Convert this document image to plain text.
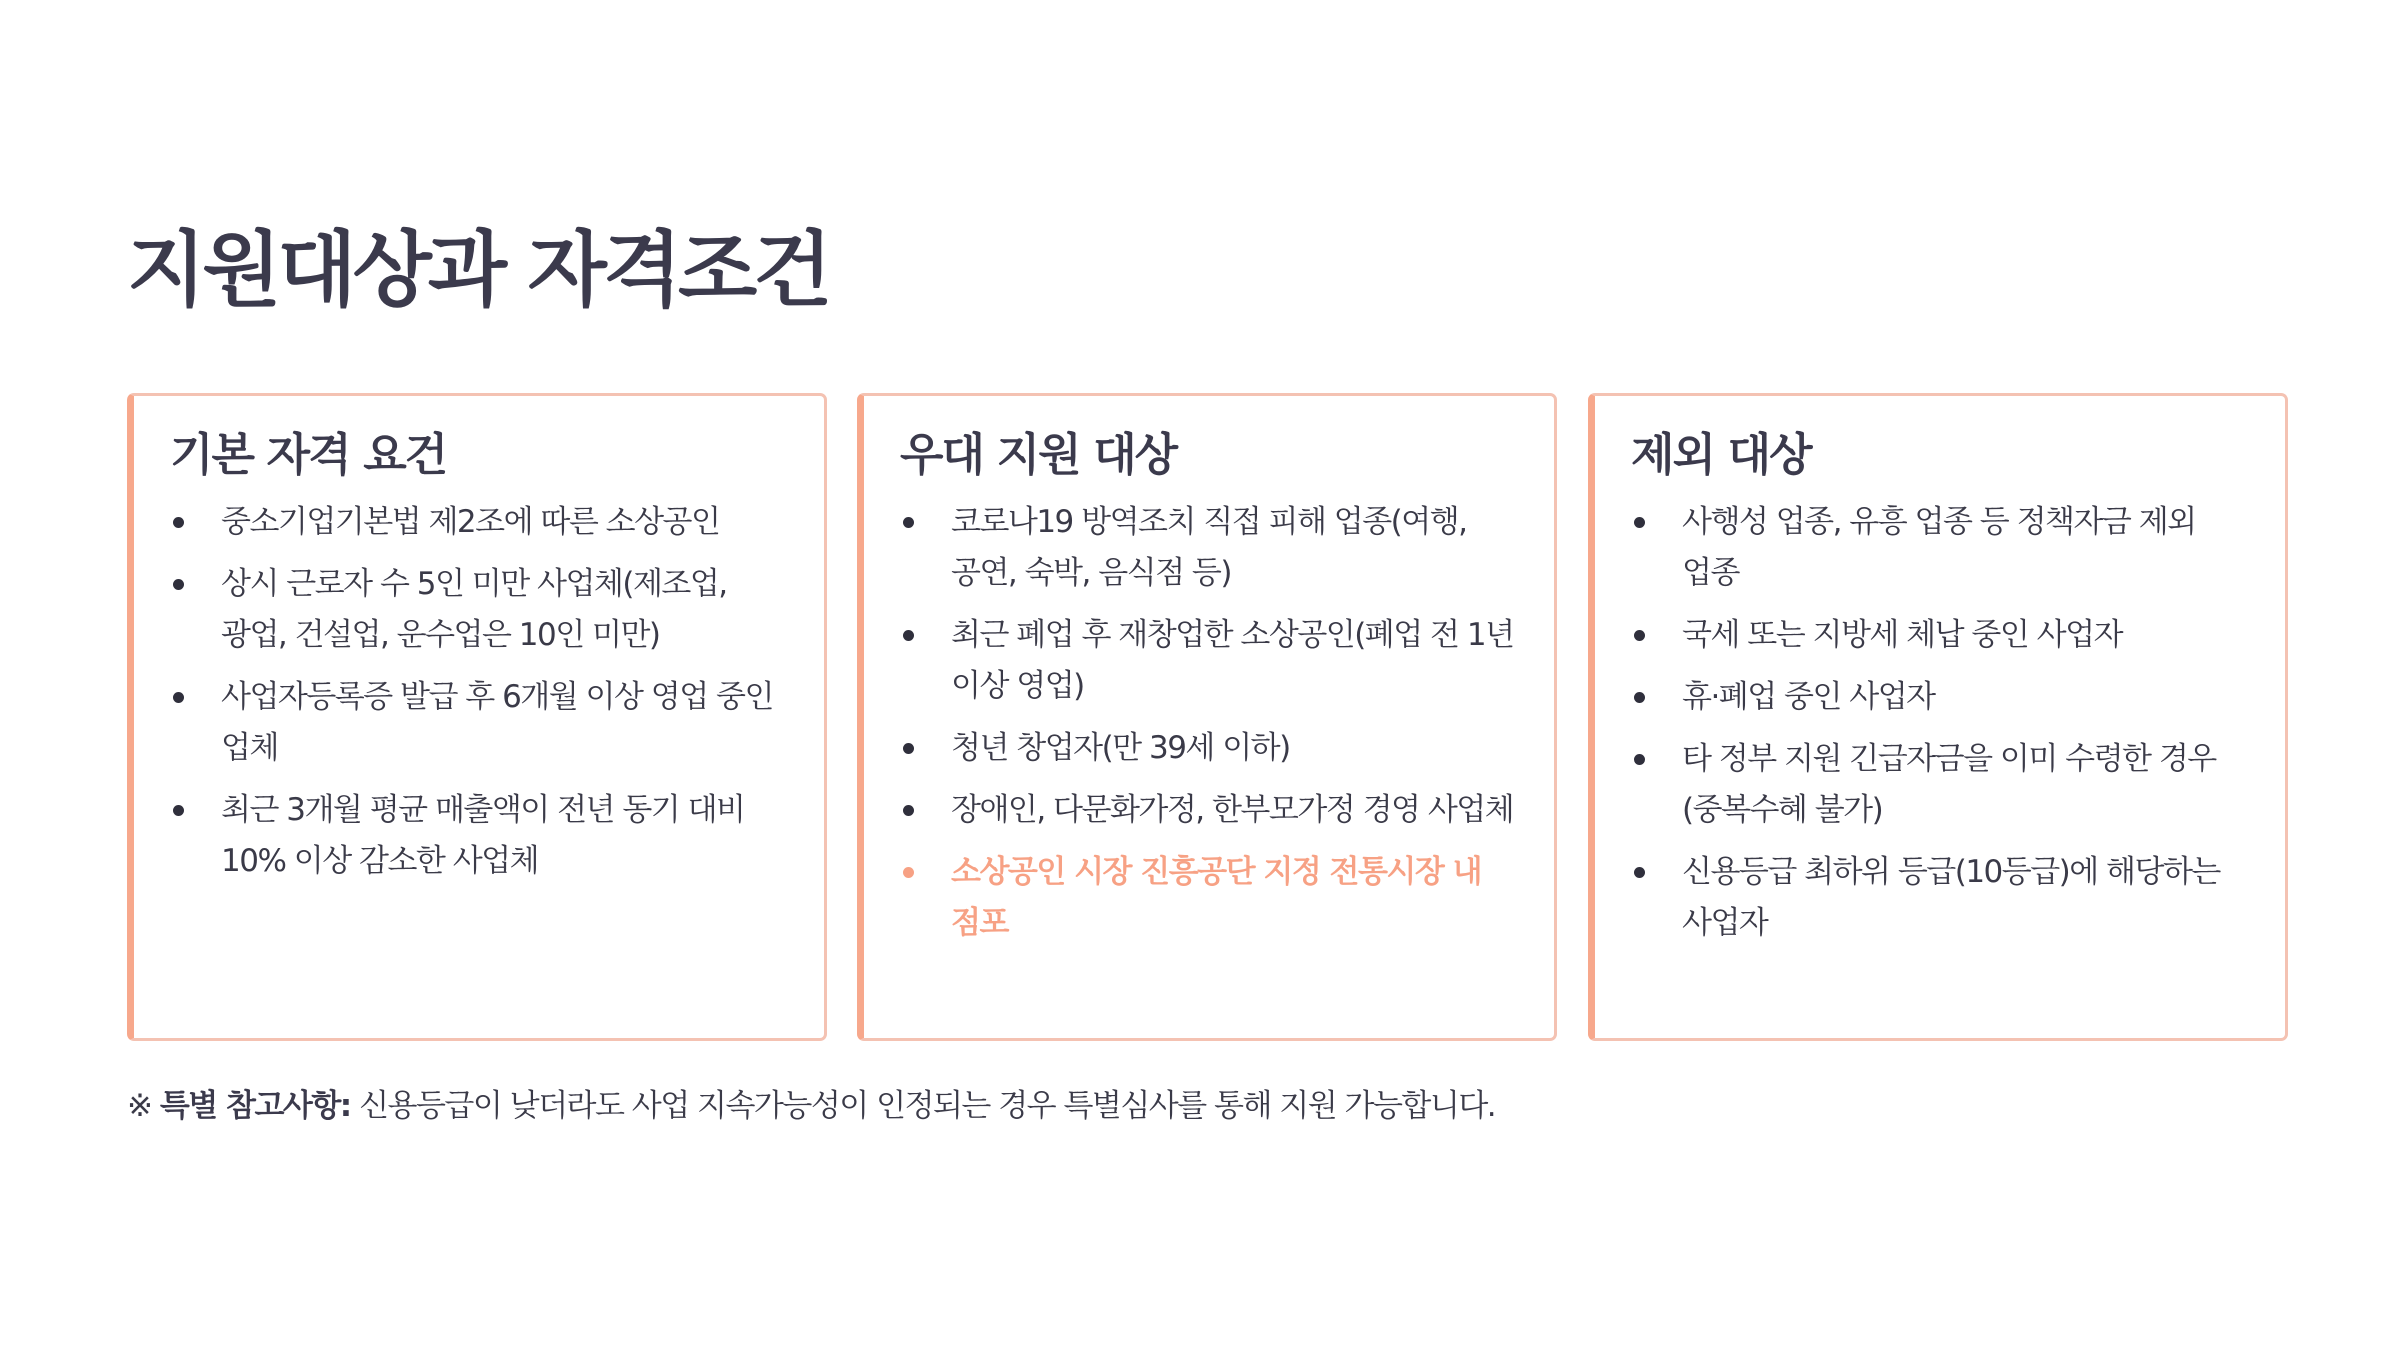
지원대상과 자격조건
기본 자격 요건
중소기업기본법 제2조에 따른 소상공인
상시 근로자 수 5인 미만 사업체(제조업, 광업, 건설업, 운수업은 10인 미만)
사업자등록증 발급 후 6개월 이상 영업 중인 업체
최근 3개월 평균 매출액이 전년 동기 대비 10% 이상 감소한 사업체
우대 지원 대상
코로나19 방역조치 직접 피해 업종(여행, 공연, 숙박, 음식점 등)
최근 폐업 후 재창업한 소상공인(폐업 전 1년 이상 영업)
청년 창업자(만 39세 이하)
장애인, 다문화가정, 한부모가정 경영 사업체
소상공인 시장 진흥공단 지정 전통시장 내 점포
제외 대상
사행성 업종, 유흥 업종 등 정책자금 제외 업종
국세 또는 지방세 체납 중인 사업자
휴·폐업 중인 사업자
타 정부 지원 긴급자금을 이미 수령한 경우(중복수혜 불가)
신용등급 최하위 등급(10등급)에 해당하는 사업자

※ 특별 참고사항: 신용등급이 낮더라도 사업 지속가능성이 인정되는 경우 특별심사를 통해 지원 가능합니다.
